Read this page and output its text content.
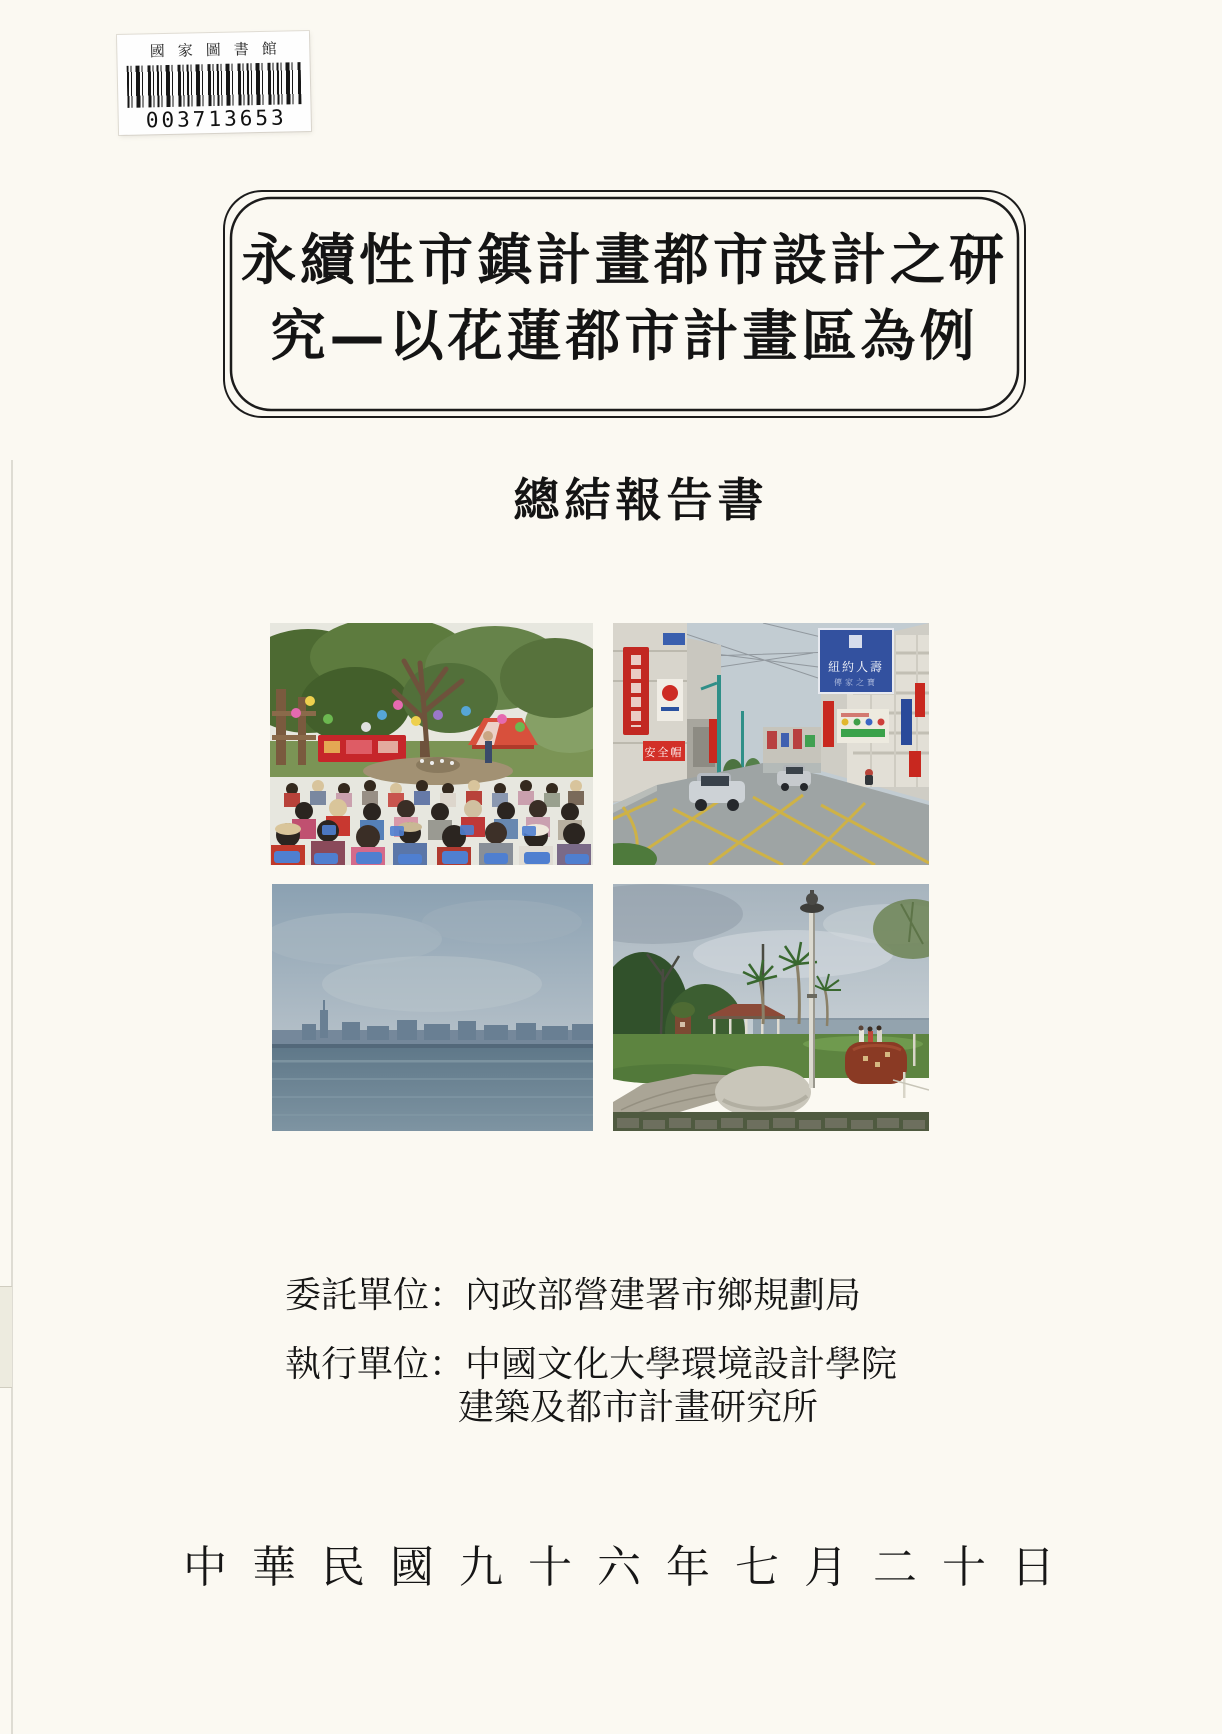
國家圖書館
003713653
永續性市鎮計畫都市設計之研
究—以花蓮都市計畫區為例
總結報告書
紐約人壽
傳家之寶
安全帽
委託單位：內政部營建署市鄉規劃局
執行單位：中國文化大學環境設計學院
建築及都市計畫研究所
中華民國九十六年七月二十日
